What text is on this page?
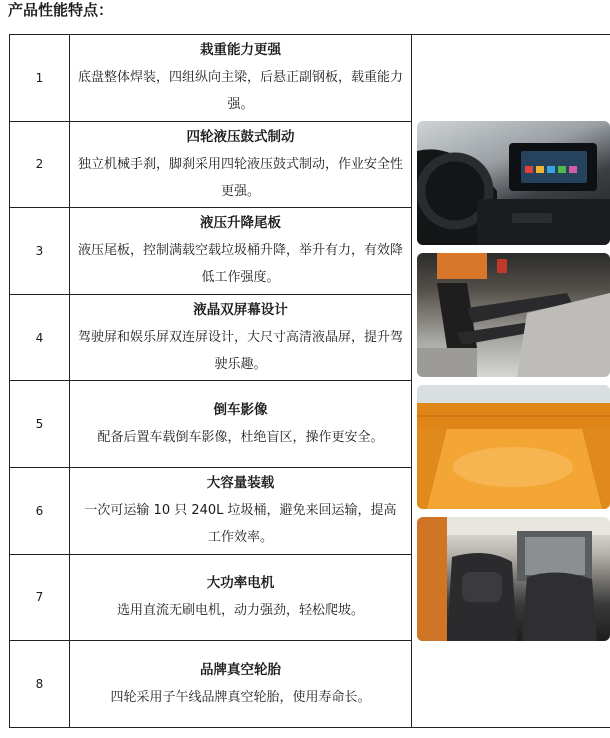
产品性能特点：
1	栽重能力更强
底盘整体焊装，四组纵向主梁，后悬正副钢板，载重能力强。

2	四轮液压鼓式制动
独立机械手刹，脚刹采用四轮液压鼓式制动，作业安全性更强。	

3	液压升降尾板
液压尾板，控制满载空载垃圾桶升降，举升有力，有效降低工作强度。	

4	液晶双屏幕设计
驾驶屏和娱乐屏双连屏设计，大尺寸高清液晶屏，提升驾驶乐趣。	

5	倒车影像
配备后置车载倒车影像，杜绝盲区，操作更安全。	

6	大容量装载
一次可运输 10 只 240L 垃圾桶，避免来回运输，提高工作效率。	

7	大功率电机
选用直流无刷电机，动力强劲，轻松爬坡。	

8	品牌真空轮胎
四轮采用子午线品牌真空轮胎，使用寿命长。	
